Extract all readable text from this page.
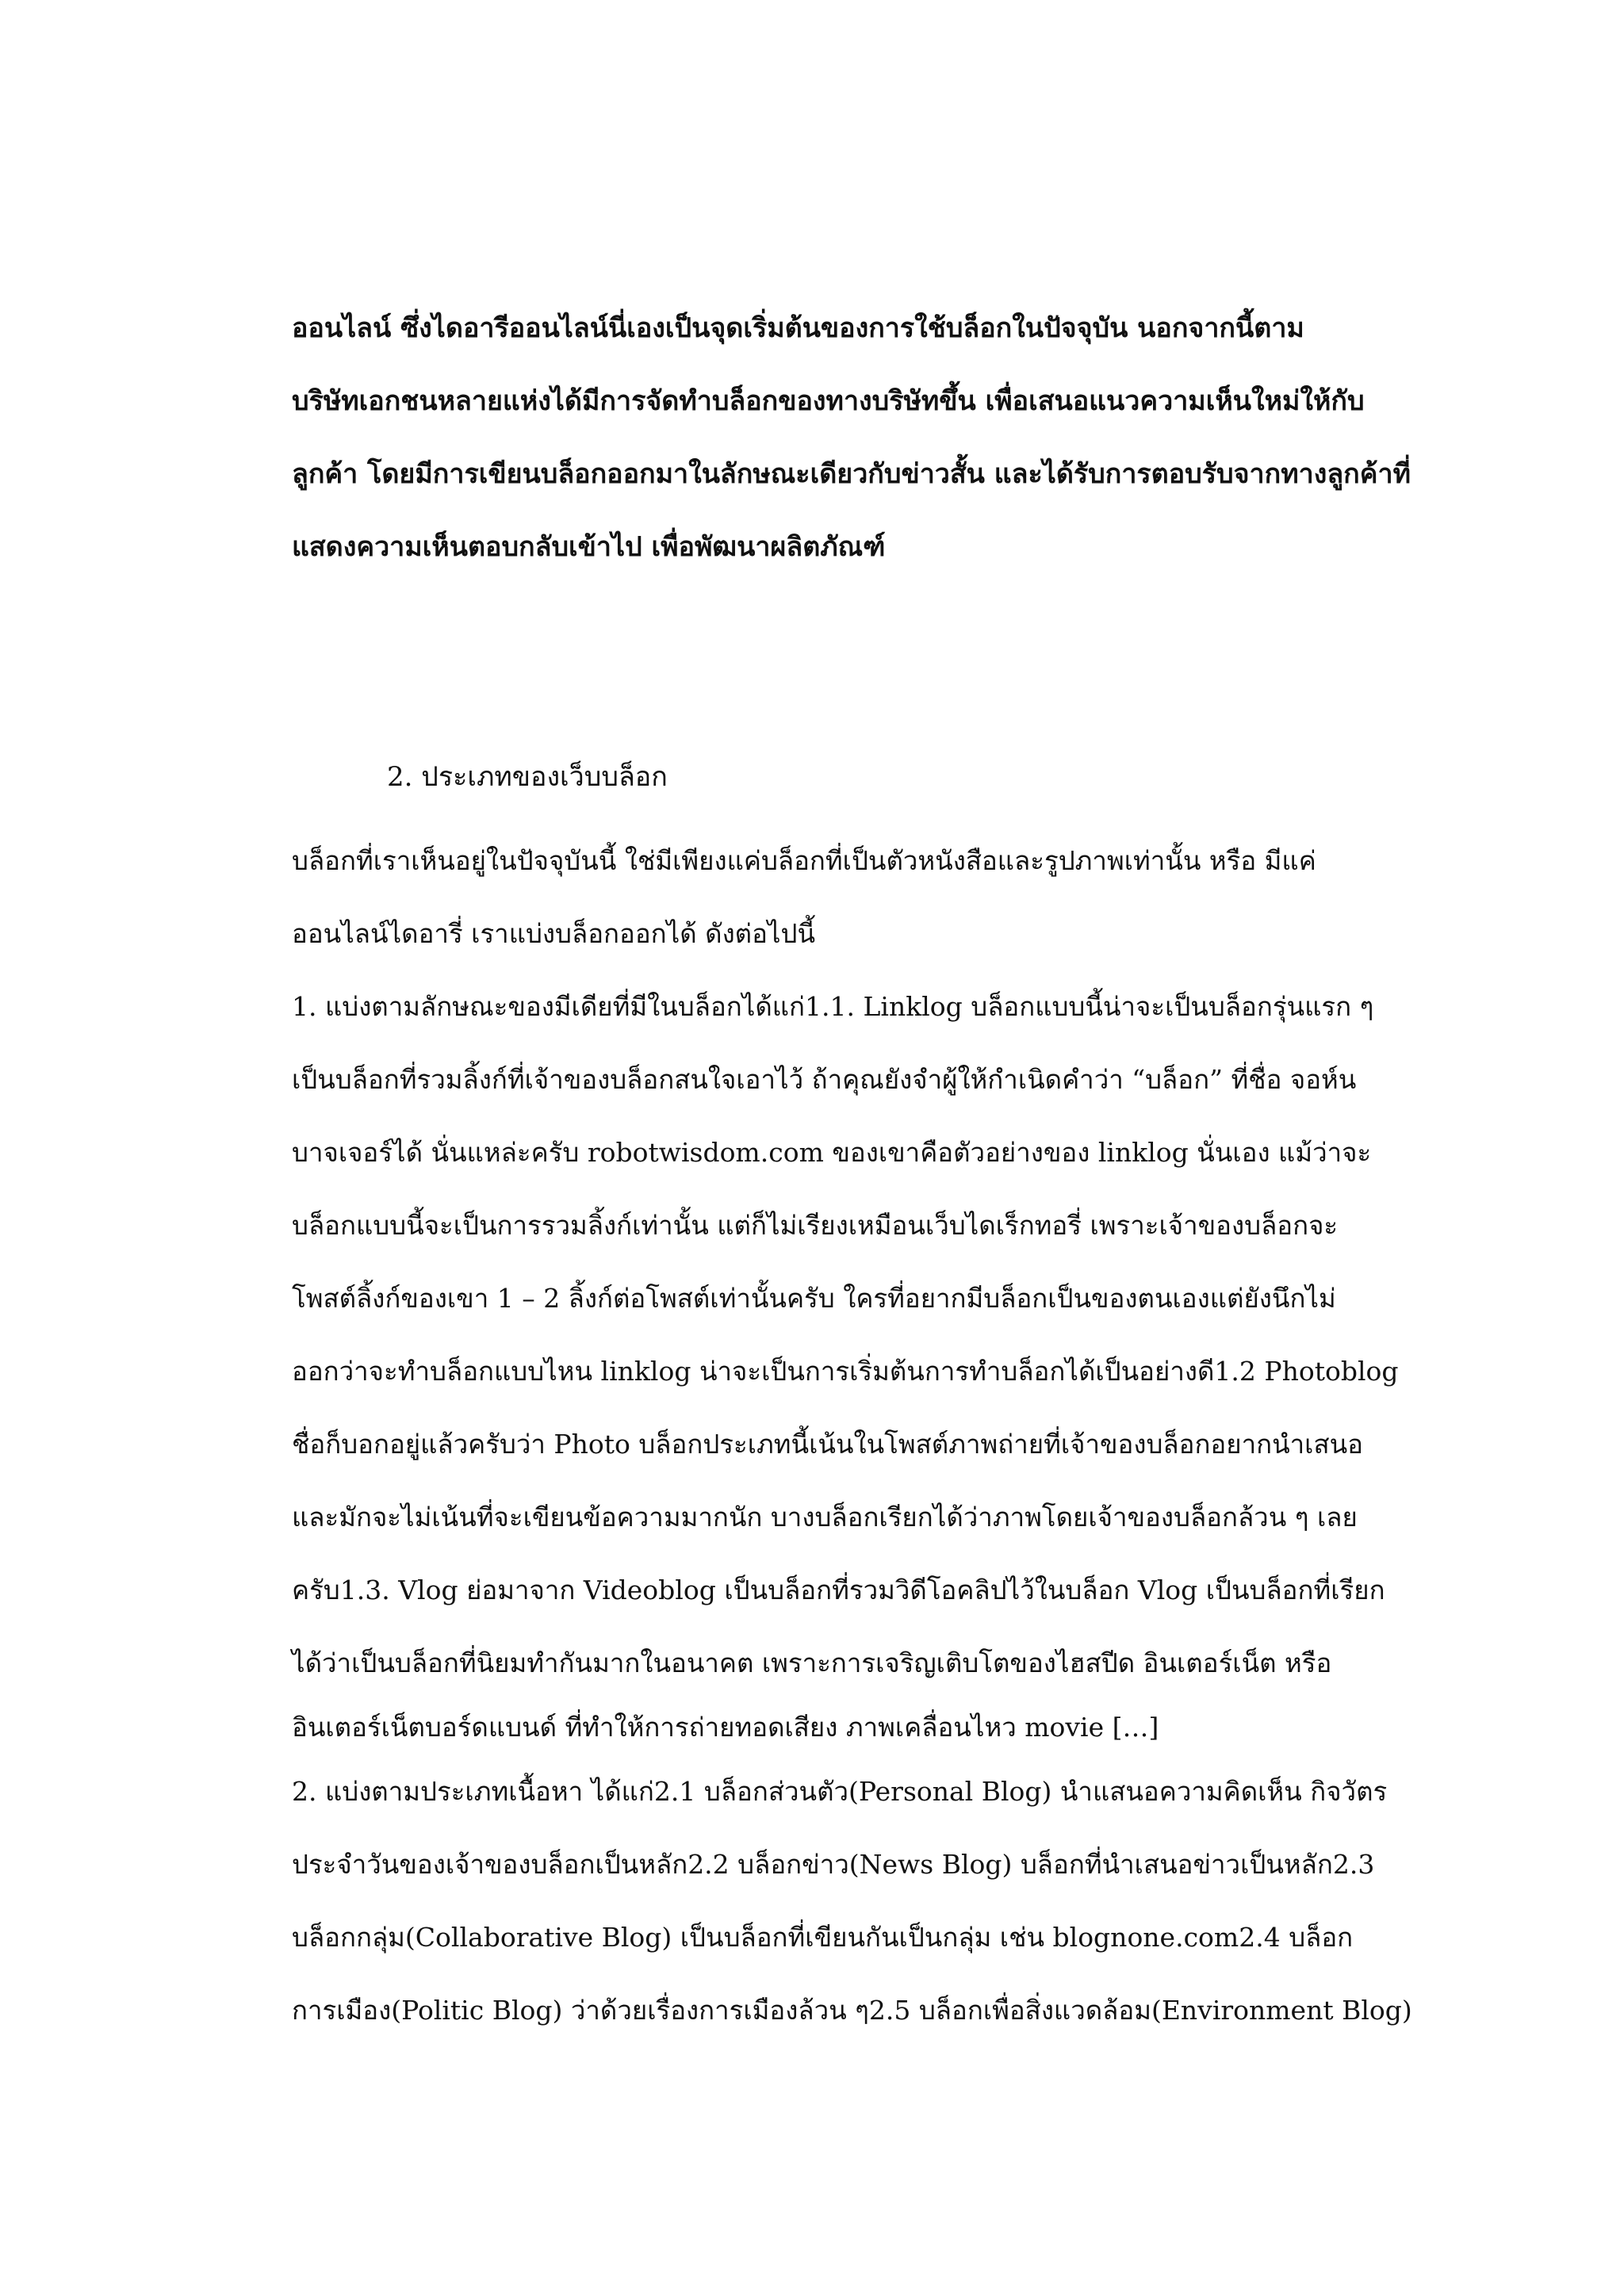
ออนไลน์ ซึ่งไดอารีออนไลน์นี่เองเป็นจุดเริ่มต้นของการใช้บล็อกในปัจจุบัน นอกจากนี้ตาม
บริษัทเอกชนหลายแห่งได้มีการจัดทำบล็อกของทางบริษัทขึ้น เพื่อเสนอแนวความเห็นใหม่ให้กับ
ลูกค้า โดยมีการเขียนบล็อกออกมาในลักษณะเดียวกับข่าวสั้น และได้รับการตอบรับจากทางลูกค้าที่
แสดงความเห็นตอบกลับเข้าไป เพื่อพัฒนาผลิตภัณฑ์
2. ประเภทของเว็บบล็อก
บล็อกที่เราเห็นอยู่ในปัจจุบันนี้ ใช่มีเพียงแค่บล็อกที่เป็นตัวหนังสือและรูปภาพเท่านั้น หรือ มีแค่
ออนไลน์ไดอารี่ เราแบ่งบล็อกออกได้ ดังต่อไปนี้
1. แบ่งตามลักษณะของมีเดียที่มีในบล็อกได้แก่1.1. Linklog บล็อกแบบนี้น่าจะเป็นบล็อกรุ่นแรก ๆ
เป็นบล็อกที่รวมลิ้งก์ที่เจ้าของบล็อกสนใจเอาไว้ ถ้าคุณยังจำผู้ให้กำเนิดคำว่า “บล็อก” ที่ชื่อ จอห์น
บาจเจอร์ได้ นั่นแหล่ะครับ robotwisdom.com ของเขาคือตัวอย่างของ linklog นั่นเอง แม้ว่าจะ
บล็อกแบบนี้จะเป็นการรวมลิ้งก์เท่านั้น แต่ก็ไม่เรียงเหมือนเว็บไดเร็กทอรี่ เพราะเจ้าของบล็อกจะ
โพสต์ลิ้งก์ของเขา 1 – 2 ลิ้งก์ต่อโพสต์เท่านั้นครับ ใครที่อยากมีบล็อกเป็นของตนเองแต่ยังนึกไม่
ออกว่าจะทำบล็อกแบบไหน linklog น่าจะเป็นการเริ่มต้นการทำบล็อกได้เป็นอย่างดี1.2 Photoblog
ชื่อก็บอกอยู่แล้วครับว่า Photo บล็อกประเภทนี้เน้นในโพสต์ภาพถ่ายที่เจ้าของบล็อกอยากนำเสนอ
และมักจะไม่เน้นที่จะเขียนข้อความมากนัก บางบล็อกเรียกได้ว่าภาพโดยเจ้าของบล็อกล้วน ๆ เลย
ครับ1.3. Vlog ย่อมาจาก Videoblog เป็นบล็อกที่รวมวิดีโอคลิปไว้ในบล็อก Vlog เป็นบล็อกที่เรียก
ได้ว่าเป็นบล็อกที่นิยมทำกันมากในอนาคต เพราะการเจริญเติบโตของไฮสปีด อินเตอร์เน็ต หรือ
อินเตอร์เน็ตบอร์ดแบนด์ ที่ทำให้การถ่ายทอดเสียง ภาพเคลื่อนไหว movie […]
2. แบ่งตามประเภทเนื้อหา ได้แก่2.1 บล็อกส่วนตัว(Personal Blog) นำแสนอความคิดเห็น กิจวัตร
ประจำวันของเจ้าของบล็อกเป็นหลัก2.2 บล็อกข่าว(News Blog) บล็อกที่นำเสนอข่าวเป็นหลัก2.3
บล็อกกลุ่ม(Collaborative Blog) เป็นบล็อกที่เขียนกันเป็นกลุ่ม เช่น blognone.com2.4 บล็อก
การเมือง(Politic Blog) ว่าด้วยเรื่องการเมืองล้วน ๆ2.5 บล็อกเพื่อสิ่งแวดล้อม(Environment Blog)
